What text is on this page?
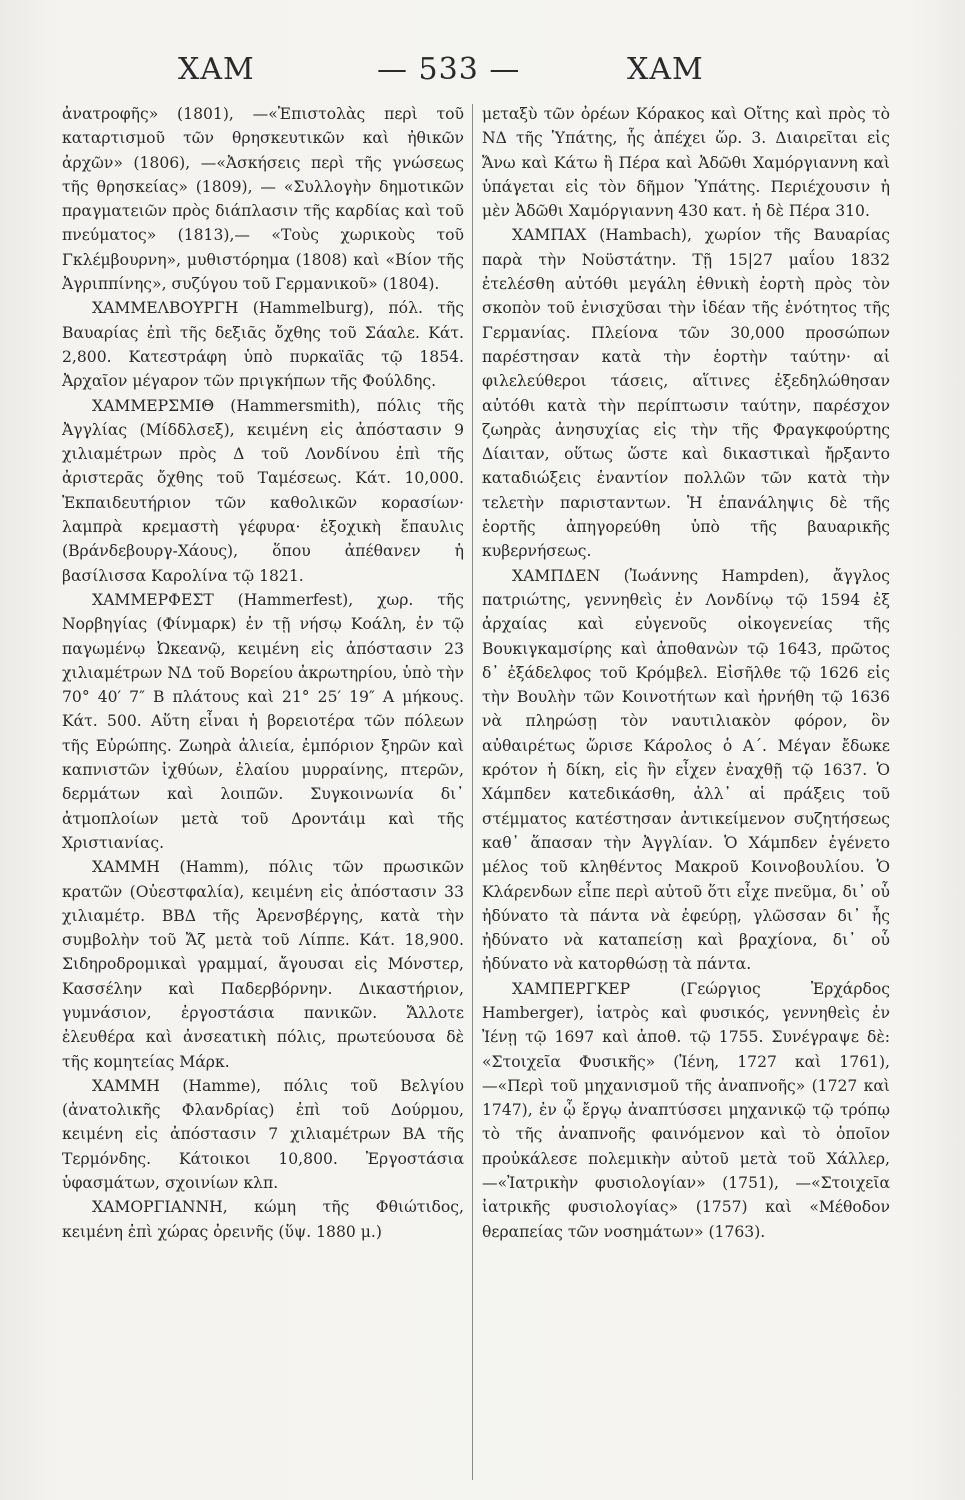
ΧΑΜ	— 533 —	ΧΑΜ

ἀνατροφῆς» (1801), —«Ἐπιστολὰς περὶ τοῦ καταρτισμοῦ τῶν θρησκευτικῶν καὶ ἠθικῶν ἀρχῶν» (1806), —«Ἀσκήσεις περὶ τῆς γνώσεως τῆς θρησκείας» (1809), — «Συλλογὴν δημοτικῶν πραγματειῶν πρὸς διάπλασιν τῆς καρδίας καὶ τοῦ πνεύματος» (1813),— «Τοὺς χωρικοὺς τοῦ Γκλέμβουρνη», μυθιστόρημα (1808) καὶ «Βίον τῆς Ἀγριππίνης», συζύγου τοῦ Γερμανικοῦ» (1804).

ΧΑΜΜΕΛΒΟΥΡΓΗ (Hammelburg), πόλ. τῆς Βαυαρίας ἐπὶ τῆς δεξιᾶς ὄχθης τοῦ Σάαλε. Κάτ. 2,800. Κατεστράφη ὑπὸ πυρκαϊᾶς τῷ 1854. Ἀρχαῖον μέγαρον τῶν πριγκήπων τῆς Φούλδης.

ΧΑΜΜΕΡΣΜΙΘ (Hammersmith), πόλις τῆς Ἀγγλίας (Μίδδλσεξ), κειμένη εἰς ἀπόστασιν 9 χιλιαμέτρων πρὸς Δ τοῦ Λονδίνου ἐπὶ τῆς ἀριστερᾶς ὄχθης τοῦ Ταμέσεως. Κάτ. 10,000. Ἐκπαιδευτήριον τῶν καθολικῶν κορασίων· λαμπρὰ κρεμαστὴ γέφυρα· ἐξοχικὴ ἔπαυλις (Βράνδεβουργ-Χάους), ὅπου ἀπέθανεν ἡ βασίλισσα Καρολίνα τῷ 1821.

ΧΑΜΜΕΡΦΕΣΤ (Hammerfest), χωρ. τῆς Νορβηγίας (Φίνμαρκ) ἐν τῇ νήσῳ Κοάλη, ἐν τῷ παγωμένῳ Ὠκεανῷ, κειμένη εἰς ἀπόστασιν 23 χιλιαμέτρων ΝΔ τοῦ Βορείου ἀκρωτηρίου, ὑπὸ τὴν 70° 40′ 7″ Β πλάτους καὶ 21° 25′ 19″ Α μήκους. Κάτ. 500. Αὕτη εἶναι ἡ βορειοτέρα τῶν πόλεων τῆς Εὐρώπης. Ζωηρὰ ἁλιεία, ἐμπόριον ξηρῶν καὶ καπνιστῶν ἰχθύων, ἐλαίου μυρραίνης, πτερῶν, δερμάτων καὶ λοιπῶν. Συγκοινωνία δι᾽ ἀτμοπλοίων μετὰ τοῦ Δροντάιμ καὶ τῆς Χριστιανίας.

ΧΑΜΜΗ (Hamm), πόλις τῶν πρωσικῶν κρατῶν (Οὐεστφαλία), κειμένη εἰς ἀπόστασιν 33 χιλιαμέτρ. ΒΒΔ τῆς Ἀρενσβέργης, κατὰ τὴν συμβολὴν τοῦ Ἄζ μετὰ τοῦ Λίππε. Κάτ. 18,900. Σιδηροδρομικαὶ γραμμαί, ἄγουσαι εἰς Μόνστερ, Κασσέλην καὶ Παδερβόρνην. Δικαστήριον, γυμνάσιον, ἐργοστάσια πανικῶν. Ἄλλοτε ἐλευθέρα καὶ ἀνσεατικὴ πόλις, πρωτεύουσα δὲ τῆς κομητείας Μάρκ.

ΧΑΜΜΗ (Hamme), πόλις τοῦ Βελγίου (ἀνατολικῆς Φλανδρίας) ἐπὶ τοῦ Δούρμου, κειμένη εἰς ἀπόστασιν 7 χιλιαμέτρων ΒΑ τῆς Τερμόνδης. Κάτοικοι 10,800. Ἐργοστάσια ὑφασμάτων, σχοινίων κλπ.

ΧΑΜΟΡΓΙΑΝΝΗ, κώμη τῆς Φθιώτιδος, κειμένη ἐπὶ χώρας ὀρεινῆς (ὕψ. 1880 μ.)

μεταξὺ τῶν ὀρέων Κόρακος καὶ Οἴτης καὶ πρὸς τὸ ΝΔ τῆς Ὑπάτης, ἧς ἀπέχει ὥρ. 3. Διαιρεῖται εἰς Ἄνω καὶ Κάτω ἢ Πέρα καὶ Ἀδῶθι Χαμόργιαννη καὶ ὑπάγεται εἰς τὸν δῆμον Ὑπάτης. Περιέχουσιν ἡ μὲν Ἀδῶθι Χαμόργιαννη 430 κατ. ἡ δὲ Πέρα 310.

ΧΑΜΠΑΧ (Hambach), χωρίον τῆς Βαυαρίας παρὰ τὴν Νοϋστάτην. Τῇ 15|27 μαΐου 1832 ἐτελέσθη αὐτόθι μεγάλη ἐθνικὴ ἑορτὴ πρὸς τὸν σκοπὸν τοῦ ἐνισχῦσαι τὴν ἰδέαν τῆς ἑνότητος τῆς Γερμανίας. Πλείονα τῶν 30,000 προσώπων παρέστησαν κατὰ τὴν ἑορτὴν ταύτην· αἱ φιλελεύθεροι τάσεις, αἵτινες ἐξεδηλώθησαν αὐτόθι κατὰ τὴν περίπτωσιν ταύτην, παρέσχον ζωηρὰς ἀνησυχίας εἰς τὴν τῆς Φραγκφούρτης Δίαιταν, οὕτως ὥστε καὶ δικαστικαὶ ἤρξαντο καταδιώξεις ἐναντίον πολλῶν τῶν κατὰ τὴν τελετὴν παρισταντων. Ἡ ἐπανάληψις δὲ τῆς ἑορτῆς ἀπηγορεύθη ὑπὸ τῆς βαυαρικῆς κυβερνήσεως.

ΧΑΜΠΔΕΝ (Ἰωάννης Hampden), ἄγγλος πατριώτης, γεννηθεὶς ἐν Λονδίνῳ τῷ 1594 ἐξ ἀρχαίας καὶ εὐγενοῦς οἰκογενείας τῆς Βουκιγκαμσίρης καὶ ἀποθανὼν τῷ 1643, πρῶτος δ᾽ ἐξάδελφος τοῦ Κρόμβελ. Εἰσῆλθε τῷ 1626 εἰς τὴν Βουλὴν τῶν Κοινοτήτων καὶ ἠρνήθη τῷ 1636 νὰ πληρώσῃ τὸν ναυτιλιακὸν φόρον, ὃν αὐθαιρέτως ὥρισε Κάρολος ὁ Α΄. Μέγαν ἔδωκε κρότον ἡ δίκη, εἰς ἣν εἶχεν ἐναχθῇ τῷ 1637. Ὁ Χάμπδεν κατεδικάσθη, ἀλλ᾽ αἱ πράξεις τοῦ στέμματος κατέστησαν ἀντικείμενον συζητήσεως καθ᾽ ἅπασαν τὴν Ἀγγλίαν. Ὁ Χάμπδεν ἐγένετο μέλος τοῦ κληθέντος Μακροῦ Κοινοβουλίου. Ὁ Κλάρενδων εἶπε περὶ αὐτοῦ ὅτι εἶχε πνεῦμα, δι᾽ οὗ ἠδύνατο τὰ πάντα νὰ ἐφεύρῃ, γλῶσσαν δι᾽ ἧς ἠδύνατο νὰ καταπείσῃ καὶ βραχίονα, δι᾽ οὗ ἠδύνατο νὰ κατορθώσῃ τὰ πάντα.

ΧΑΜΠΕΡΓΚΕΡ (Γεώργιος Ἐρχάρδος Hamberger), ἰατρὸς καὶ φυσικός, γεννηθεὶς ἐν Ἰένῃ τῷ 1697 καὶ ἀποθ. τῷ 1755. Συνέγραψε δὲ: «Στοιχεῖα Φυσικῆς» (Ἰένη, 1727 καὶ 1761), —«Περὶ τοῦ μηχανισμοῦ τῆς ἀναπνοῆς» (1727 καὶ 1747), ἐν ᾧ ἔργῳ ἀναπτύσσει μηχανικῷ τῷ τρόπῳ τὸ τῆς ἀναπνοῆς φαινόμενον καὶ τὸ ὁποῖον προὐκάλεσε πολεμικὴν αὐτοῦ μετὰ τοῦ Χάλλερ, —«Ἰατρικὴν φυσιολογίαν» (1751), —«Στοιχεῖα ἰατρικῆς φυσιολογίας» (1757) καὶ «Μέθοδον θεραπείας τῶν νοσημάτων» (1763).
